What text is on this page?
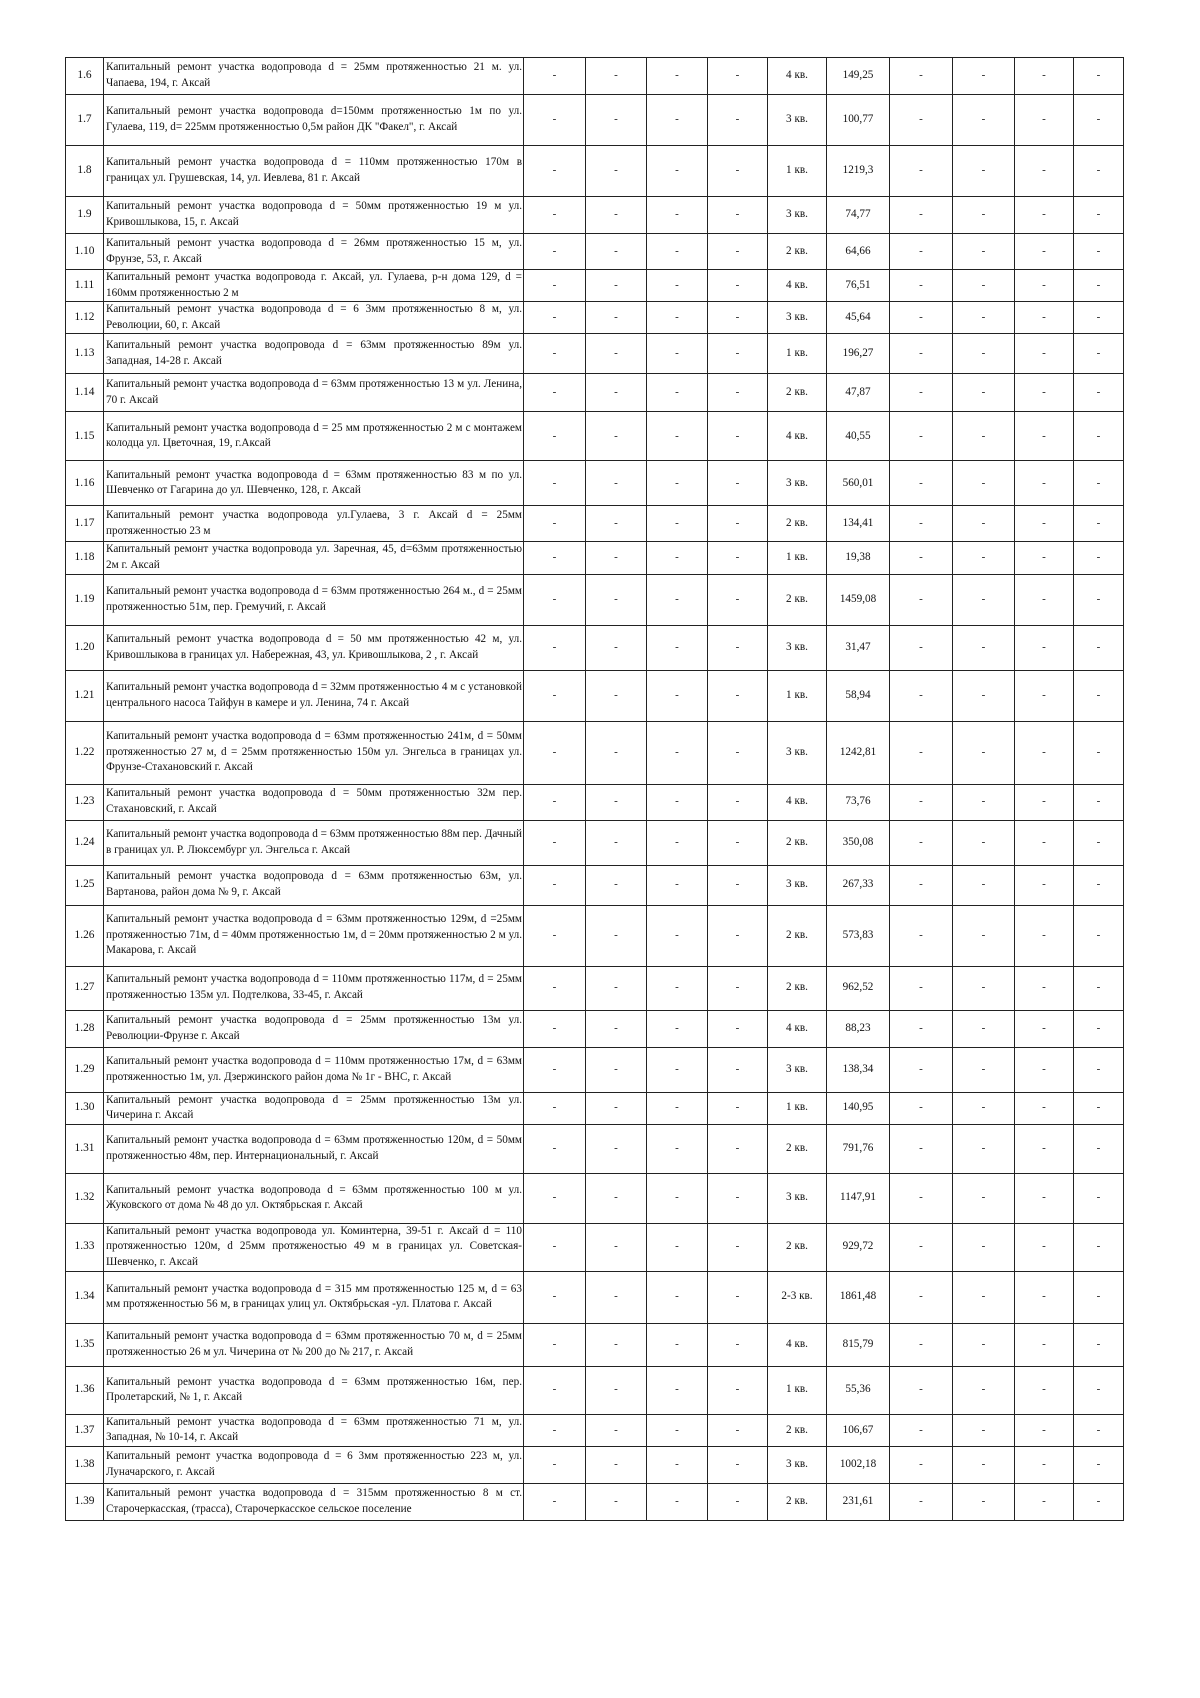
1.6	Капитальный ремонт участка водопровода d = 25мм протяженностью 21 м. ул. Чапаева, 194, г. Аксай	-	-	-	-	4 кв.	149,25	-	-	-	-
1.7	Капитальный ремонт участка водопровода d=150мм протяженностью 1м по ул. Гулаева, 119, d= 225мм протяженностью 0,5м район ДК "Факел", г. Аксай	-	-	-	-	3 кв.	100,77	-	-	-	-
1.8	Капитальный ремонт участка водопровода d = 110мм протяженностью 170м в границах ул. Грушевская, 14, ул. Иевлева, 81 г. Аксай	-	-	-	-	1 кв.	1219,3	-	-	-	-
1.9	Капитальный ремонт участка водопровода d = 50мм протяженностью 19 м ул. Кривошлыкова, 15, г. Аксай	-	-	-	-	3 кв.	74,77	-	-	-	-
1.10	Капитальный ремонт участка водопровода d = 26мм протяженностью 15 м, ул. Фрунзе, 53, г. Аксай	-	-	-	-	2 кв.	64,66	-	-	-	-
1.11	Капитальный ремонт участка водопровода г. Аксай, ул. Гулаева, р-н дома 129, d = 160мм протяженностью 2 м	-	-	-	-	4 кв.	76,51	-	-	-	-
1.12	Капитальный ремонт участка водопровода d = 6 3мм протяженностью 8 м, ул. Революции, 60, г. Аксай	-	-	-	-	3 кв.	45,64	-	-	-	-
1.13	Капитальный ремонт участка водопровода d = 63мм протяженностью 89м ул. Западная, 14-28 г. Аксай	-	-	-	-	1 кв.	196,27	-	-	-	-
1.14	Капитальный ремонт участка водопровода d = 63мм протяженностью 13 м ул. Ленина, 70 г. Аксай	-	-	-	-	2 кв.	47,87	-	-	-	-
1.15	Капитальный ремонт участка водопровода d = 25 мм протяженностью 2 м с монтажем колодца ул. Цветочная, 19, г.Аксай	-	-	-	-	4 кв.	40,55	-	-	-	-
1.16	Капитальный ремонт участка водопровода d = 63мм протяженностью 83 м по ул. Шевченко от Гагарина до ул. Шевченко, 128, г. Аксай	-	-	-	-	3 кв.	560,01	-	-	-	-
1.17	Капитальный ремонт участка водопровода ул.Гулаева, 3 г. Аксай d = 25мм протяженностью 23 м	-	-	-	-	2 кв.	134,41	-	-	-	-
1.18	Капитальный ремонт участка водопровода ул. Заречная, 45, d=63мм протяженностью 2м г. Аксай	-	-	-	-	1 кв.	19,38	-	-	-	-
1.19	Капитальный ремонт участка водопровода d = 63мм протяженностью 264 м., d = 25мм протяженностью 51м, пер. Гремучий, г. Аксай	-	-	-	-	2 кв.	1459,08	-	-	-	-
1.20	Капитальный ремонт участка водопровода d = 50 мм протяженностью 42 м, ул. Кривошлыкова в границах ул. Набережная, 43, ул. Кривошлыкова, 2 , г. Аксай	-	-	-	-	3 кв.	31,47	-	-	-	-
1.21	Капитальный ремонт участка водопровода d = 32мм протяженностью 4 м с установкой центрального насоса Тайфун в камере и ул. Ленина, 74 г. Аксай	-	-	-	-	1 кв.	58,94	-	-	-	-
1.22	Капитальный ремонт участка водопровода d = 63мм протяженностью 241м, d = 50мм протяженностью 27 м, d = 25мм протяженностью 150м ул. Энгельса в границах ул. Фрунзе-Стахановский г. Аксай	-	-	-	-	3 кв.	1242,81	-	-	-	-
1.23	Капитальный ремонт участка водопровода d = 50мм протяженностью 32м пер. Стахановский, г. Аксай	-	-	-	-	4 кв.	73,76	-	-	-	-
1.24	Капитальный ремонт участка водопровода d = 63мм протяженностью 88м пер. Дачный в границах ул. Р. Люксембург ул. Энгельса г. Аксай	-	-	-	-	2 кв.	350,08	-	-	-	-
1.25	Капитальный ремонт участка водопровода d = 63мм протяженностью 63м, ул. Вартанова, район дома № 9, г. Аксай	-	-	-	-	3 кв.	267,33	-	-	-	-
1.26	Капитальный ремонт участка водопровода d = 63мм протяженностью 129м, d =25мм протяженностью 71м, d = 40мм протяженностью 1м, d = 20мм протяженностью 2 м ул. Макарова, г. Аксай	-	-	-	-	2 кв.	573,83	-	-	-	-
1.27	Капитальный ремонт участка водопровода d = 110мм протяженностью 117м, d = 25мм протяженностью 135м ул. Подтелкова, 33-45, г. Аксай	-	-	-	-	2 кв.	962,52	-	-	-	-
1.28	Капитальный ремонт участка водопровода d = 25мм протяженностью 13м ул. Революции-Фрунзе г. Аксай	-	-	-	-	4 кв.	88,23	-	-	-	-
1.29	Капитальный ремонт участка водопровода d = 110мм протяженностью 17м, d = 63мм протяженностью 1м, ул. Дзержинского район дома № 1г - ВНС, г. Аксай	-	-	-	-	3 кв.	138,34	-	-	-	-
1.30	Капитальный ремонт участка водопровода d = 25мм протяженностью 13м ул. Чичерина г. Аксай	-	-	-	-	1 кв.	140,95	-	-	-	-
1.31	Капитальный ремонт участка водопровода d = 63мм протяженностью 120м, d = 50мм протяженностью 48м, пер. Интернациональный, г. Аксай	-	-	-	-	2 кв.	791,76	-	-	-	-
1.32	Капитальный ремонт участка водопровода d = 63мм протяженностью 100 м ул. Жуковского от дома № 48 до ул. Октябрьская г. Аксай	-	-	-	-	3 кв.	1147,91	-	-	-	-
1.33	Капитальный ремонт участка водопровода ул. Коминтерна, 39-51 г. Аксай d = 110 протяженностью 120м, d 25мм протяженостью 49 м в границах ул. Советская-Шевченко, г. Аксай	-	-	-	-	2 кв.	929,72	-	-	-	-
1.34	Капитальный ремонт участка водопровода d = 315 мм протяженностью 125 м, d = 63 мм протяженностью 56 м, в границах улиц ул. Октябрьская -ул. Платова г. Аксай	-	-	-	-	2-3 кв.	1861,48	-	-	-	-
1.35	Капитальный ремонт участка водопровода d = 63мм протяженностью 70 м, d = 25мм протяженностью 26 м ул. Чичерина от № 200 до № 217, г. Аксай	-	-	-	-	4 кв.	815,79	-	-	-	-
1.36	Капитальный ремонт участка водопровода d = 63мм протяженностью 16м, пер. Пролетарский, № 1, г. Аксай	-	-	-	-	1 кв.	55,36	-	-	-	-
1.37	Капитальный ремонт участка водопровода d = 63мм протяженностью 71 м, ул. Западная, № 10-14, г. Аксай	-	-	-	-	2 кв.	106,67	-	-	-	-
1.38	Капитальный ремонт участка водопровода d = 6 3мм протяженностью 223 м, ул. Луначарского, г. Аксай	-	-	-	-	3 кв.	1002,18	-	-	-	-
1.39	Капитальный ремонт участка водопровода d = 315мм протяженностью 8 м ст. Старочеркасская, (трасса), Старочеркасское сельское поселение	-	-	-	-	2 кв.	231,61	-	-	-	-
